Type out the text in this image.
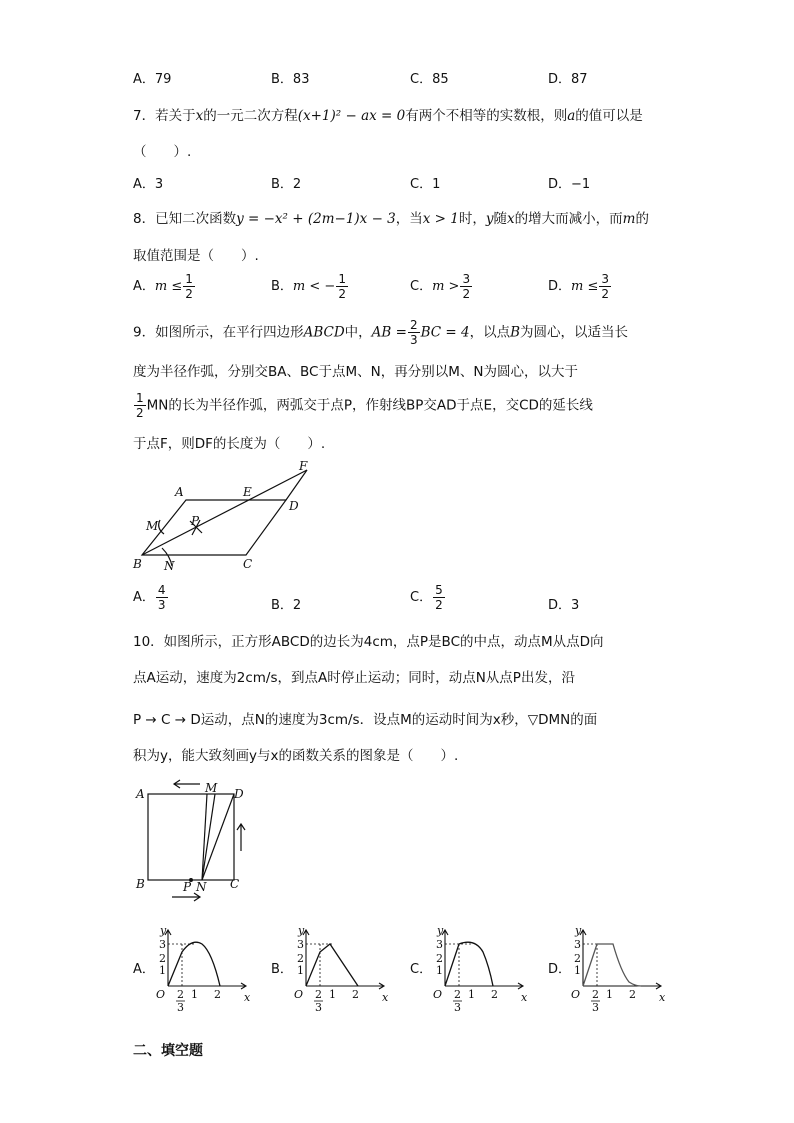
A．79	B．83	C．85	D．87
7．若关于x的一元二次方程(x+1)² − ax = 0有两个不相等的实数根，则a的值可以是
（　　）.
A．3	B．2	C．1	D．−1
8．已知二次函数y = −x² + (2m−1)x − 3，当x > 1时，y随x的增大而减小，而m的
取值范围是（　　）.
A．$m \le \frac{1}{2}$	B．m < − $\frac{1}{2}$	C．$m > \frac{3}{2}$	D．$m \le \frac{3}{2}$
9．如图所示，在平行四边形ABCD中，AB = $\frac{2}{3}$ BC = 4，以点B为圆心，以适当长
度为半径作弧，分别交BA、BC于点M、N，再分别以M、N为圆心，以大于
$\frac{1}{2}$ MN的长为半径作弧，两弧交于点P，作射线BP交AD于点E，交CD的延长线
于点F，则DF的长度为（　　）.
A	E
D
F
M	P
B N	C
A． $\frac{4}{3}$	B．2
C． $\frac{5}{2}$	D．3
10．如图所示，正方形ABCD的边长为4cm，点P是BC的中点，动点M从点D向
点A运动，速度为2cm/s，到点A时停止运动；同时，动点N从点P出发，沿
P → C → D运动，点N的速度为3cm/s．设点M的运动时间为x秒，▽DMN的面
积为y，能大致刻画y与x的函数关系的图象是（　　）.
A	M D
B	P N C
A．	B．	C．	D．
y
x
O
3
2
1
2
3
1 2
y
x
O
3
2
1
2
3
1 2
y
x
O
3
2
1
2
3
1 2
y
x
O
3
2
1
2
3
1 2
二、填空题
